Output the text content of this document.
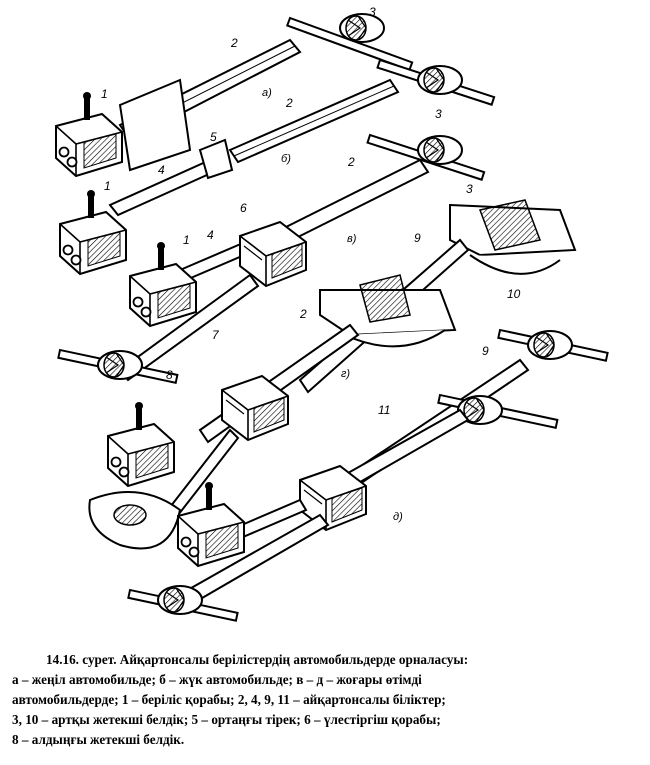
а)
б)
в)
г)
д)
1
2
3
2
3
5
1
4
2
3
6
1 4	9
10
2
7
8
9
11
14.16. сурет. Айқартонсалы берілістердің автомобильдерде орналасуы:
а – жеңіл автомобильде; б – жүк автомобильде; в – д – жоғары өтімді
автомобильдерде; 1 – беріліс қорабы; 2, 4, 9, 11 – айқартонсалы біліктер;
3, 10 – артқы жетекші белдік; 5 – ортаңғы тірек; 6 – үлестіргіш қорабы;
8 – алдыңғы жетекші белдік.
